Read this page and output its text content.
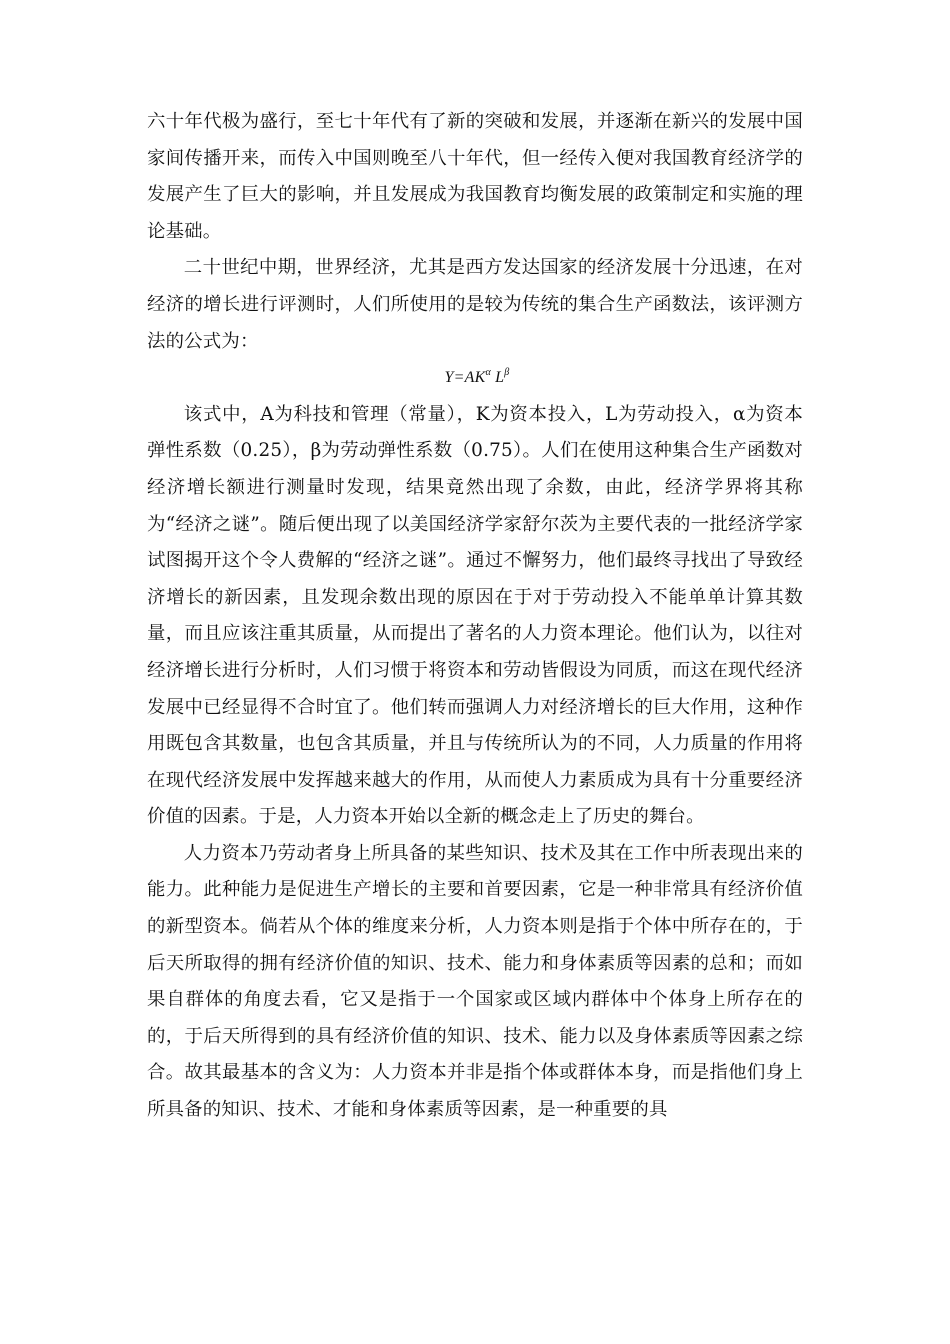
六十年代极为盛行，至七十年代有了新的突破和发展，并逐渐在新兴的发展中国家间传播开来，而传入中国则晚至八十年代，但一经传入便对我国教育经济学的发展产生了巨大的影响，并且发展成为我国教育均衡发展的政策制定和实施的理论基础。

二十世纪中期，世界经济，尤其是西方发达国家的经济发展十分迅速，在对经济的增长进行评测时，人们所使用的是较为传统的集合生产函数法，该评测方法的公式为：

$Y=AK^\alpha$ $L^\beta$

该式中，A为科技和管理（常量），K为资本投入，L为劳动投入，α为资本弹性系数（0.25），β为劳动弹性系数（0.75）。人们在使用这种集合生产函数对经济增长额进行测量时发现，结果竟然出现了余数，由此，经济学界将其称为“经济之谜”。随后便出现了以美国经济学家舒尔茨为主要代表的一批经济学家试图揭开这个令人费解的“经济之谜”。通过不懈努力，他们最终寻找出了导致经济增长的新因素，且发现余数出现的原因在于对于劳动投入不能单单计算其数量，而且应该注重其质量，从而提出了著名的人力资本理论。他们认为，以往对经济增长进行分析时，人们习惯于将资本和劳动皆假设为同质，而这在现代经济发展中已经显得不合时宜了。他们转而强调人力对经济增长的巨大作用，这种作用既包含其数量，也包含其质量，并且与传统所认为的不同，人力质量的作用将在现代经济发展中发挥越来越大的作用，从而使人力素质成为具有十分重要经济价值的因素。于是，人力资本开始以全新的概念走上了历史的舞台。

人力资本乃劳动者身上所具备的某些知识、技术及其在工作中所表现出来的能力。此种能力是促进生产增长的主要和首要因素，它是一种非常具有经济价值的新型资本。倘若从个体的维度来分析，人力资本则是指于个体中所存在的，于后天所取得的拥有经济价值的知识、技术、能力和身体素质等因素的总和；而如果自群体的角度去看，它又是指于一个国家或区域内群体中个体身上所存在的的，于后天所得到的具有经济价值的知识、技术、能力以及身体素质等因素之综合。故其最基本的含义为：人力资本并非是指个体或群体本身，而是指他们身上所具备的知识、技术、才能和身体素质等因素，是一种重要的具
